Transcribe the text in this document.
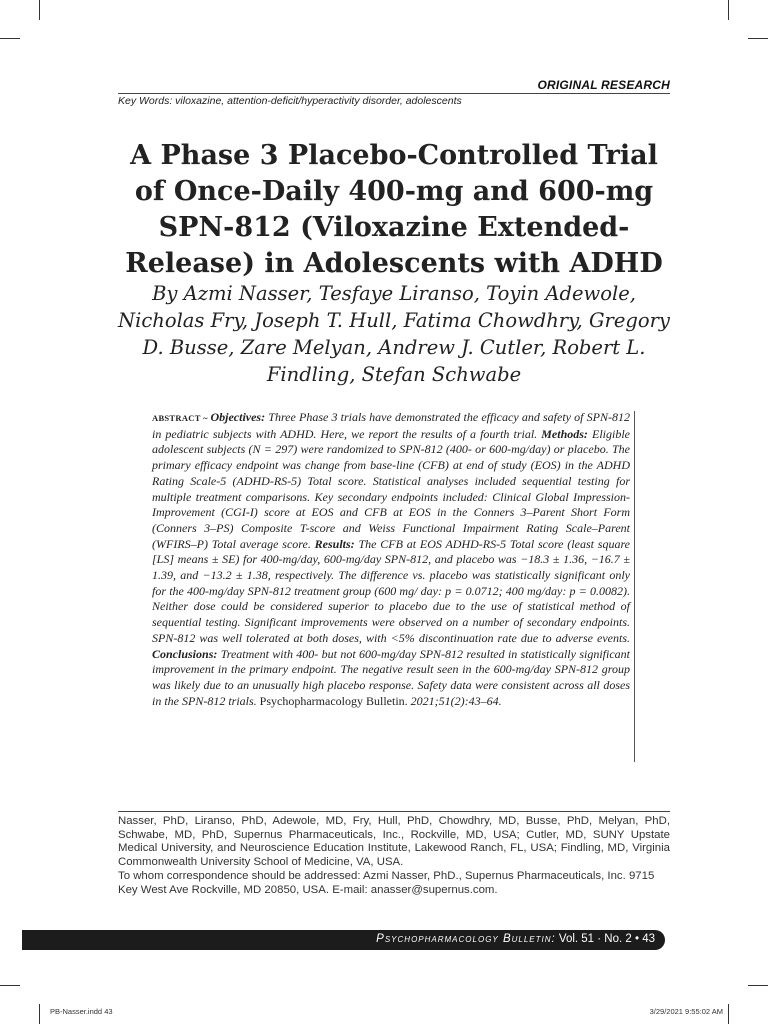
ORIGINAL RESEARCH
Key Words: viloxazine, attention-deficit/hyperactivity disorder, adolescents
A Phase 3 Placebo-Controlled Trial
of Once-Daily 400-mg and 600-mg
SPN-812 (Viloxazine Extended-
Release) in Adolescents with ADHD
By Azmi Nasser, Tesfaye Liranso, Toyin Adewole,
Nicholas Fry, Joseph T. Hull, Fatima Chowdhry, Gregory
D. Busse, Zare Melyan, Andrew J. Cutler, Robert L.
Findling, Stefan Schwabe
ABSTRACT ~ Objectives: Three Phase 3 trials have demonstrated the efficacy and safety of SPN-812 in pediatric subjects with ADHD. Here, we report the results of a fourth trial. Methods: Eligible adolescent subjects (N = 297) were randomized to SPN-812 (400- or 600-mg/day) or placebo. The primary efficacy endpoint was change from base-line (CFB) at end of study (EOS) in the ADHD Rating Scale-5 (ADHD-RS-5) Total score. Statistical analyses included sequential testing for multiple treatment comparisons. Key secondary endpoints included: Clinical Global Impression-Improvement (CGI-I) score at EOS and CFB at EOS in the Conners 3–Parent Short Form (Conners 3–PS) Composite T-score and Weiss Functional Impairment Rating Scale–Parent (WFIRS–P) Total average score. Results: The CFB at EOS ADHD-RS-5 Total score (least square [LS] means ± SE) for 400-mg/day, 600-mg/day SPN-812, and placebo was −18.3 ± 1.36, −16.7 ± 1.39, and −13.2 ± 1.38, respectively. The difference vs. placebo was statistically significant only for the 400-mg/day SPN-812 treatment group (600 mg/ day: p = 0.0712; 400 mg/day: p = 0.0082). Neither dose could be considered superior to placebo due to the use of statistical method of sequential testing. Significant improvements were observed on a number of secondary endpoints. SPN-812 was well tolerated at both doses, with <5% discontinuation rate due to adverse events. Conclusions: Treatment with 400- but not 600-mg/day SPN-812 resulted in statistically significant improvement in the primary endpoint. The negative result seen in the 600-mg/day SPN-812 group was likely due to an unusually high placebo response. Safety data were consistent across all doses in the SPN-812 trials. Psychopharmacology Bulletin. 2021;51(2):43–64.

Nasser, PhD, Liranso, PhD, Adewole, MD, Fry, Hull, PhD, Chowdhry, MD, Busse, PhD, Melyan, PhD, Schwabe, MD, PhD, Supernus Pharmaceuticals, Inc., Rockville, MD, USA; Cutler, MD, SUNY Upstate Medical University, and Neuroscience Education Institute, Lakewood Ranch, FL, USA; Findling, MD, Virginia Commonwealth University School of Medicine, VA, USA.

To whom correspondence should be addressed: Azmi Nasser, PhD., Supernus Pharmaceuticals, Inc. 9715 Key West Ave Rockville, MD 20850, USA. E-mail: anasser@supernus.com.

Psychopharmacology Bulletin: Vol. 51 · No. 2 • 43
PB-Nasser.indd 43	3/29/2021 9:55:02 AM
